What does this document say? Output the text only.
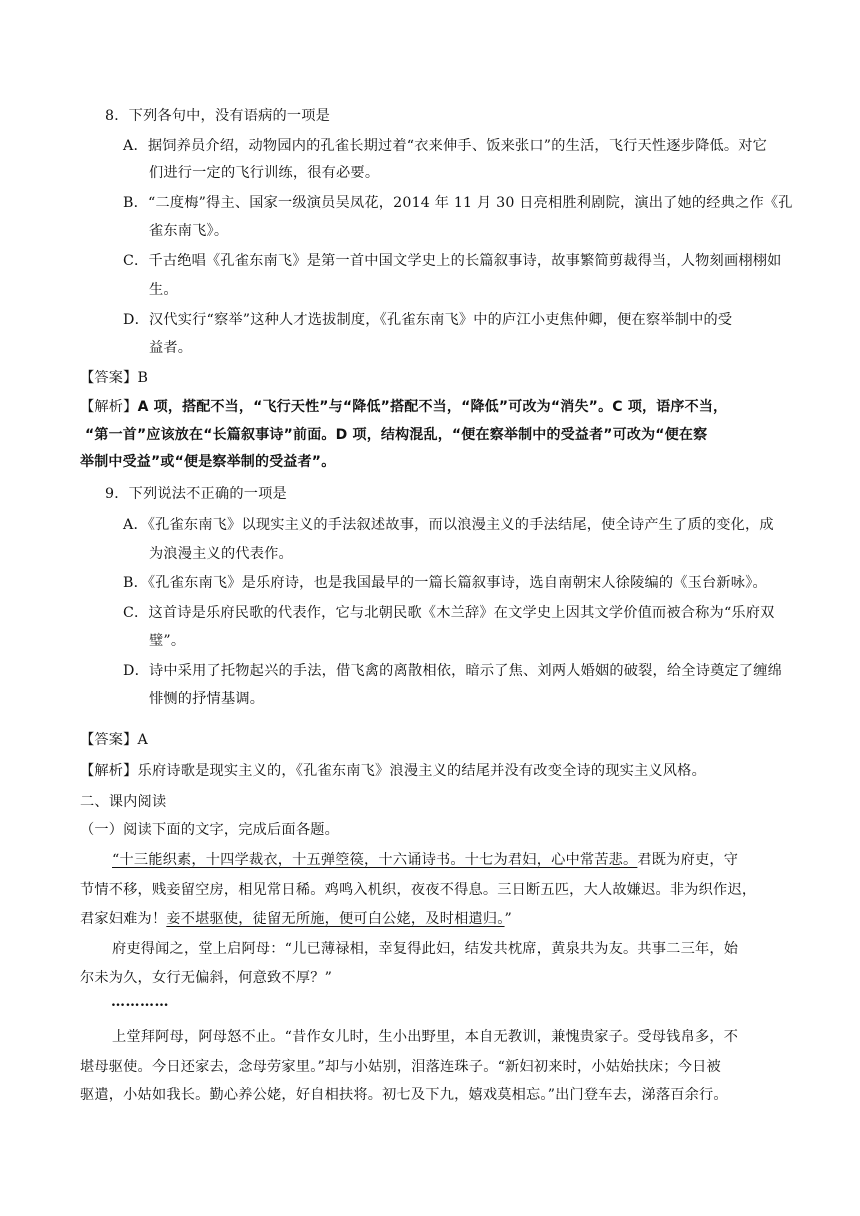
8．下列各句中，没有语病的一项是
A．据饲养员介绍，动物园内的孔雀长期过着“衣来伸手、饭来张口”的生活，飞行天性逐步降低。对它
们进行一定的飞行训练，很有必要。
B．“二度梅”得主、国家一级演员吴凤花，2014 年 11 月 30 日亮相胜利剧院，演出了她的经典之作《孔
雀东南飞》。
C．千古绝唱《孔雀东南飞》是第一首中国文学史上的长篇叙事诗，故事繁简剪裁得当，人物刻画栩栩如
生。
D．汉代实行“察举”这种人才选拔制度，《孔雀东南飞》中的庐江小吏焦仲卿，便在察举制中的受
益者。
【答案】B
【解析】A 项，搭配不当，“飞行天性”与“降低”搭配不当，“降低”可改为“消失”。C 项，语序不当，
“第一首”应该放在“长篇叙事诗”前面。D 项，结构混乱，“便在察举制中的受益者”可改为“便在察
举制中受益”或“便是察举制的受益者”。
9．下列说法不正确的一项是
A．《孔雀东南飞》以现实主义的手法叙述故事，而以浪漫主义的手法结尾，使全诗产生了质的变化，成
为浪漫主义的代表作。
B．《孔雀东南飞》是乐府诗，也是我国最早的一篇长篇叙事诗，选自南朝宋人徐陵编的《玉台新咏》。
C．这首诗是乐府民歌的代表作，它与北朝民歌《木兰辞》在文学史上因其文学价值而被合称为“乐府双
璧”。
D．诗中采用了托物起兴的手法，借飞禽的离散相依，暗示了焦、刘两人婚姻的破裂，给全诗奠定了缠绵
悱恻的抒情基调。
【答案】A
【解析】乐府诗歌是现实主义的，《孔雀东南飞》浪漫主义的结尾并没有改变全诗的现实主义风格。
二、课内阅读
（一）阅读下面的文字，完成后面各题。
“十三能织素，十四学裁衣，十五弹箜篌，十六诵诗书。十七为君妇，心中常苦悲。君既为府吏，守
节情不移，贱妾留空房，相见常日稀。鸡鸣入机织，夜夜不得息。三日断五匹，大人故嫌迟。非为织作迟，
君家妇难为！妾不堪驱使，徒留无所施，便可白公姥，及时相遣归。”
府吏得闻之，堂上启阿母：“儿已薄禄相，幸复得此妇，结发共枕席，黄泉共为友。共事二三年，始
尔未为久，女行无偏斜，何意致不厚？”
…………
上堂拜阿母，阿母怒不止。“昔作女儿时，生小出野里，本自无教训，兼愧贵家子。受母钱帛多，不
堪母驱使。今日还家去，念母劳家里。”却与小姑别，泪落连珠子。“新妇初来时，小姑始扶床；今日被
驱遣，小姑如我长。勤心养公姥，好自相扶将。初七及下九，嬉戏莫相忘。”出门登车去，涕落百余行。
